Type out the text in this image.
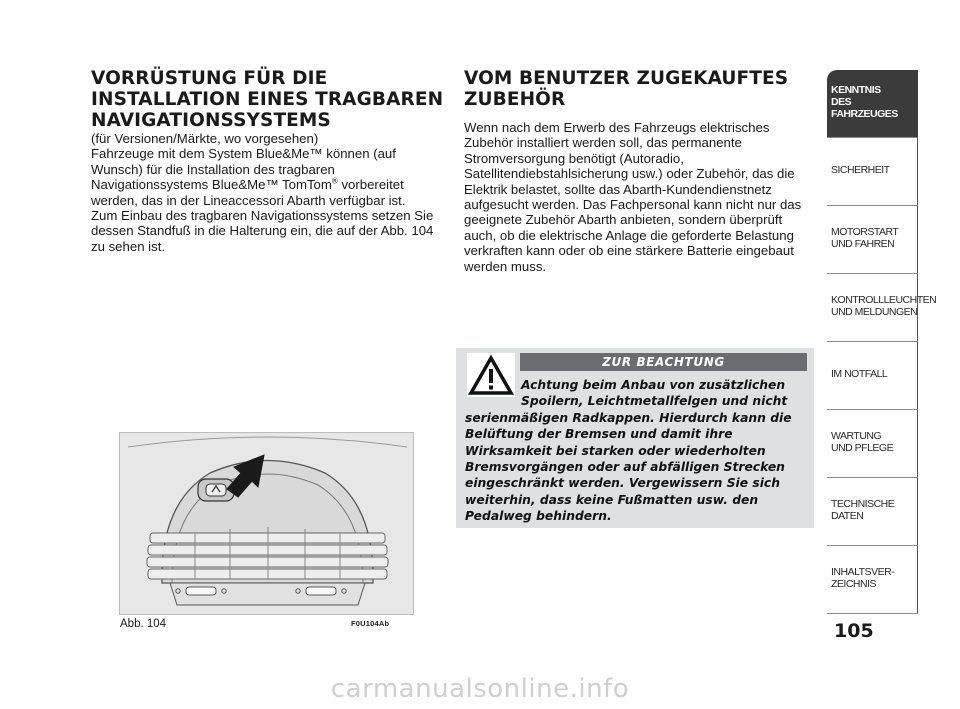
VORRÜSTUNG FÜR DIE INSTALLATION EINES TRAGBAREN NAVIGATIONSSYSTEMS

(für Versionen/Märkte, wo vorgesehen)

Fahrzeuge mit dem System Blue&Me™ können (auf Wunsch) für die Installation des tragbaren Navigationssystems Blue&Me™ TomTom® vorbereitet werden, das in der Lineaccessori Abarth verfügbar ist.

Zum Einbau des tragbaren Navigationssystems setzen Sie dessen Standfuß in die Halterung ein, die auf der Abb. 104 zu sehen ist.

VOM BENUTZER ZUGEKAUFTES ZUBEHÖR

Wenn nach dem Erwerb des Fahrzeugs elektrisches Zubehör installiert werden soll, das permanente Stromversorgung benötigt (Autoradio, Satellitendiebstahlsicherung usw.) oder Zubehör, das die Elektrik belastet, sollte das Abarth-Kundendienstnetz aufgesucht werden. Das Fachpersonal kann nicht nur das geeignete Zubehör Abarth anbieten, sondern überprüft auch, ob die elektrische Anlage die geforderte Belastung verkraften kann oder ob eine stärkere Batterie eingebaut werden muss.

ZUR BEACHTUNG
Achtung beim Anbau von zusätzlichen Spoilern, Leichtmetallfelgen und nicht serienmäßigen Radkappen. Hierdurch kann die Belüftung der Bremsen und damit ihre Wirksamkeit bei starken oder wiederholten Bremsvorgängen oder auf abfälligen Strecken eingeschränkt werden. Vergewissern Sie sich weiterhin, dass keine Fußmatten usw. den Pedalweg behindern.
Abb. 104	F0U104Ab
KENNTNIS
DES FAHRZEUGES
SICHERHEIT
MOTORSTART
UND FAHREN
KONTROLLLEUCHTEN
UND MELDUNGEN
IM NOTFALL
WARTUNG
UND PFLEGE
TECHNISCHE
DATEN
INHALTSVER-
ZEICHNIS
105
carmanualsonline.info
